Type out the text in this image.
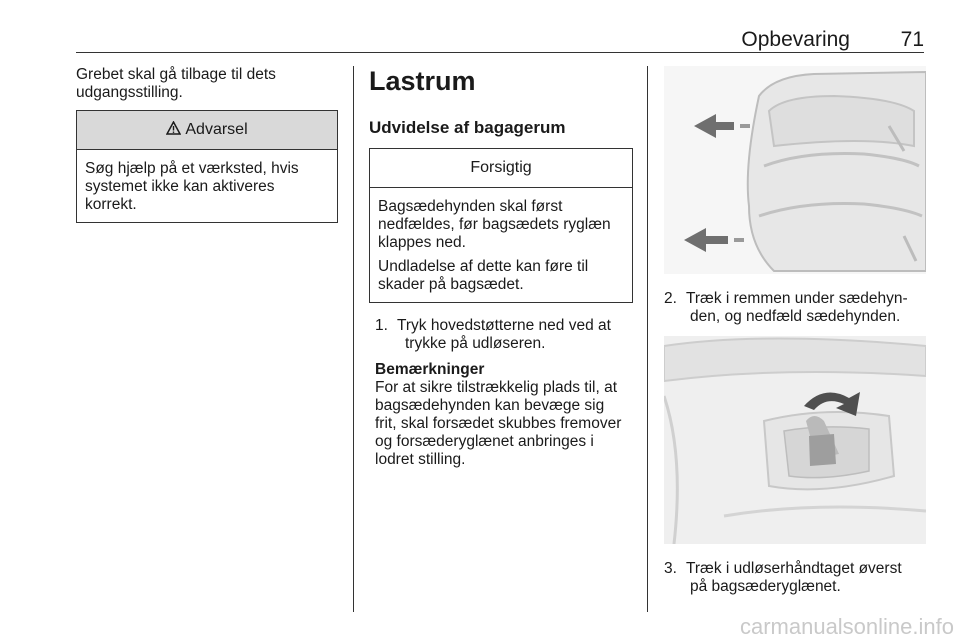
Opbevaring	71

Grebet skal gå tilbage til dets
udgangsstilling.

Advarsel
Søg hjælp på et værksted, hvis
systemet ikke kan aktiveres
korrekt.
Lastrum
Udvidelse af bagagerum
Forsigtig
Bagsædehynden skal først
nedfældes, før bagsædets ryglæn
klappes ned.
Undladelse af dette kan føre til
skader på bagsædet.
1. Tryk hovedstøtterne ned ved at
trykke på udløseren.
Bemærkninger
For at sikre tilstrækkelig plads til, at
bagsædehynden kan bevæge sig
frit, skal forsædet skubbes fremover
og forsæderyglænet anbringes i
lodret stilling.
2. Træk i remmen under sædehyn-
den, og nedfæld sædehynden.
3. Træk i udløserhåndtaget øverst
på bagsæderyglænet.
carmanualsonline.info
